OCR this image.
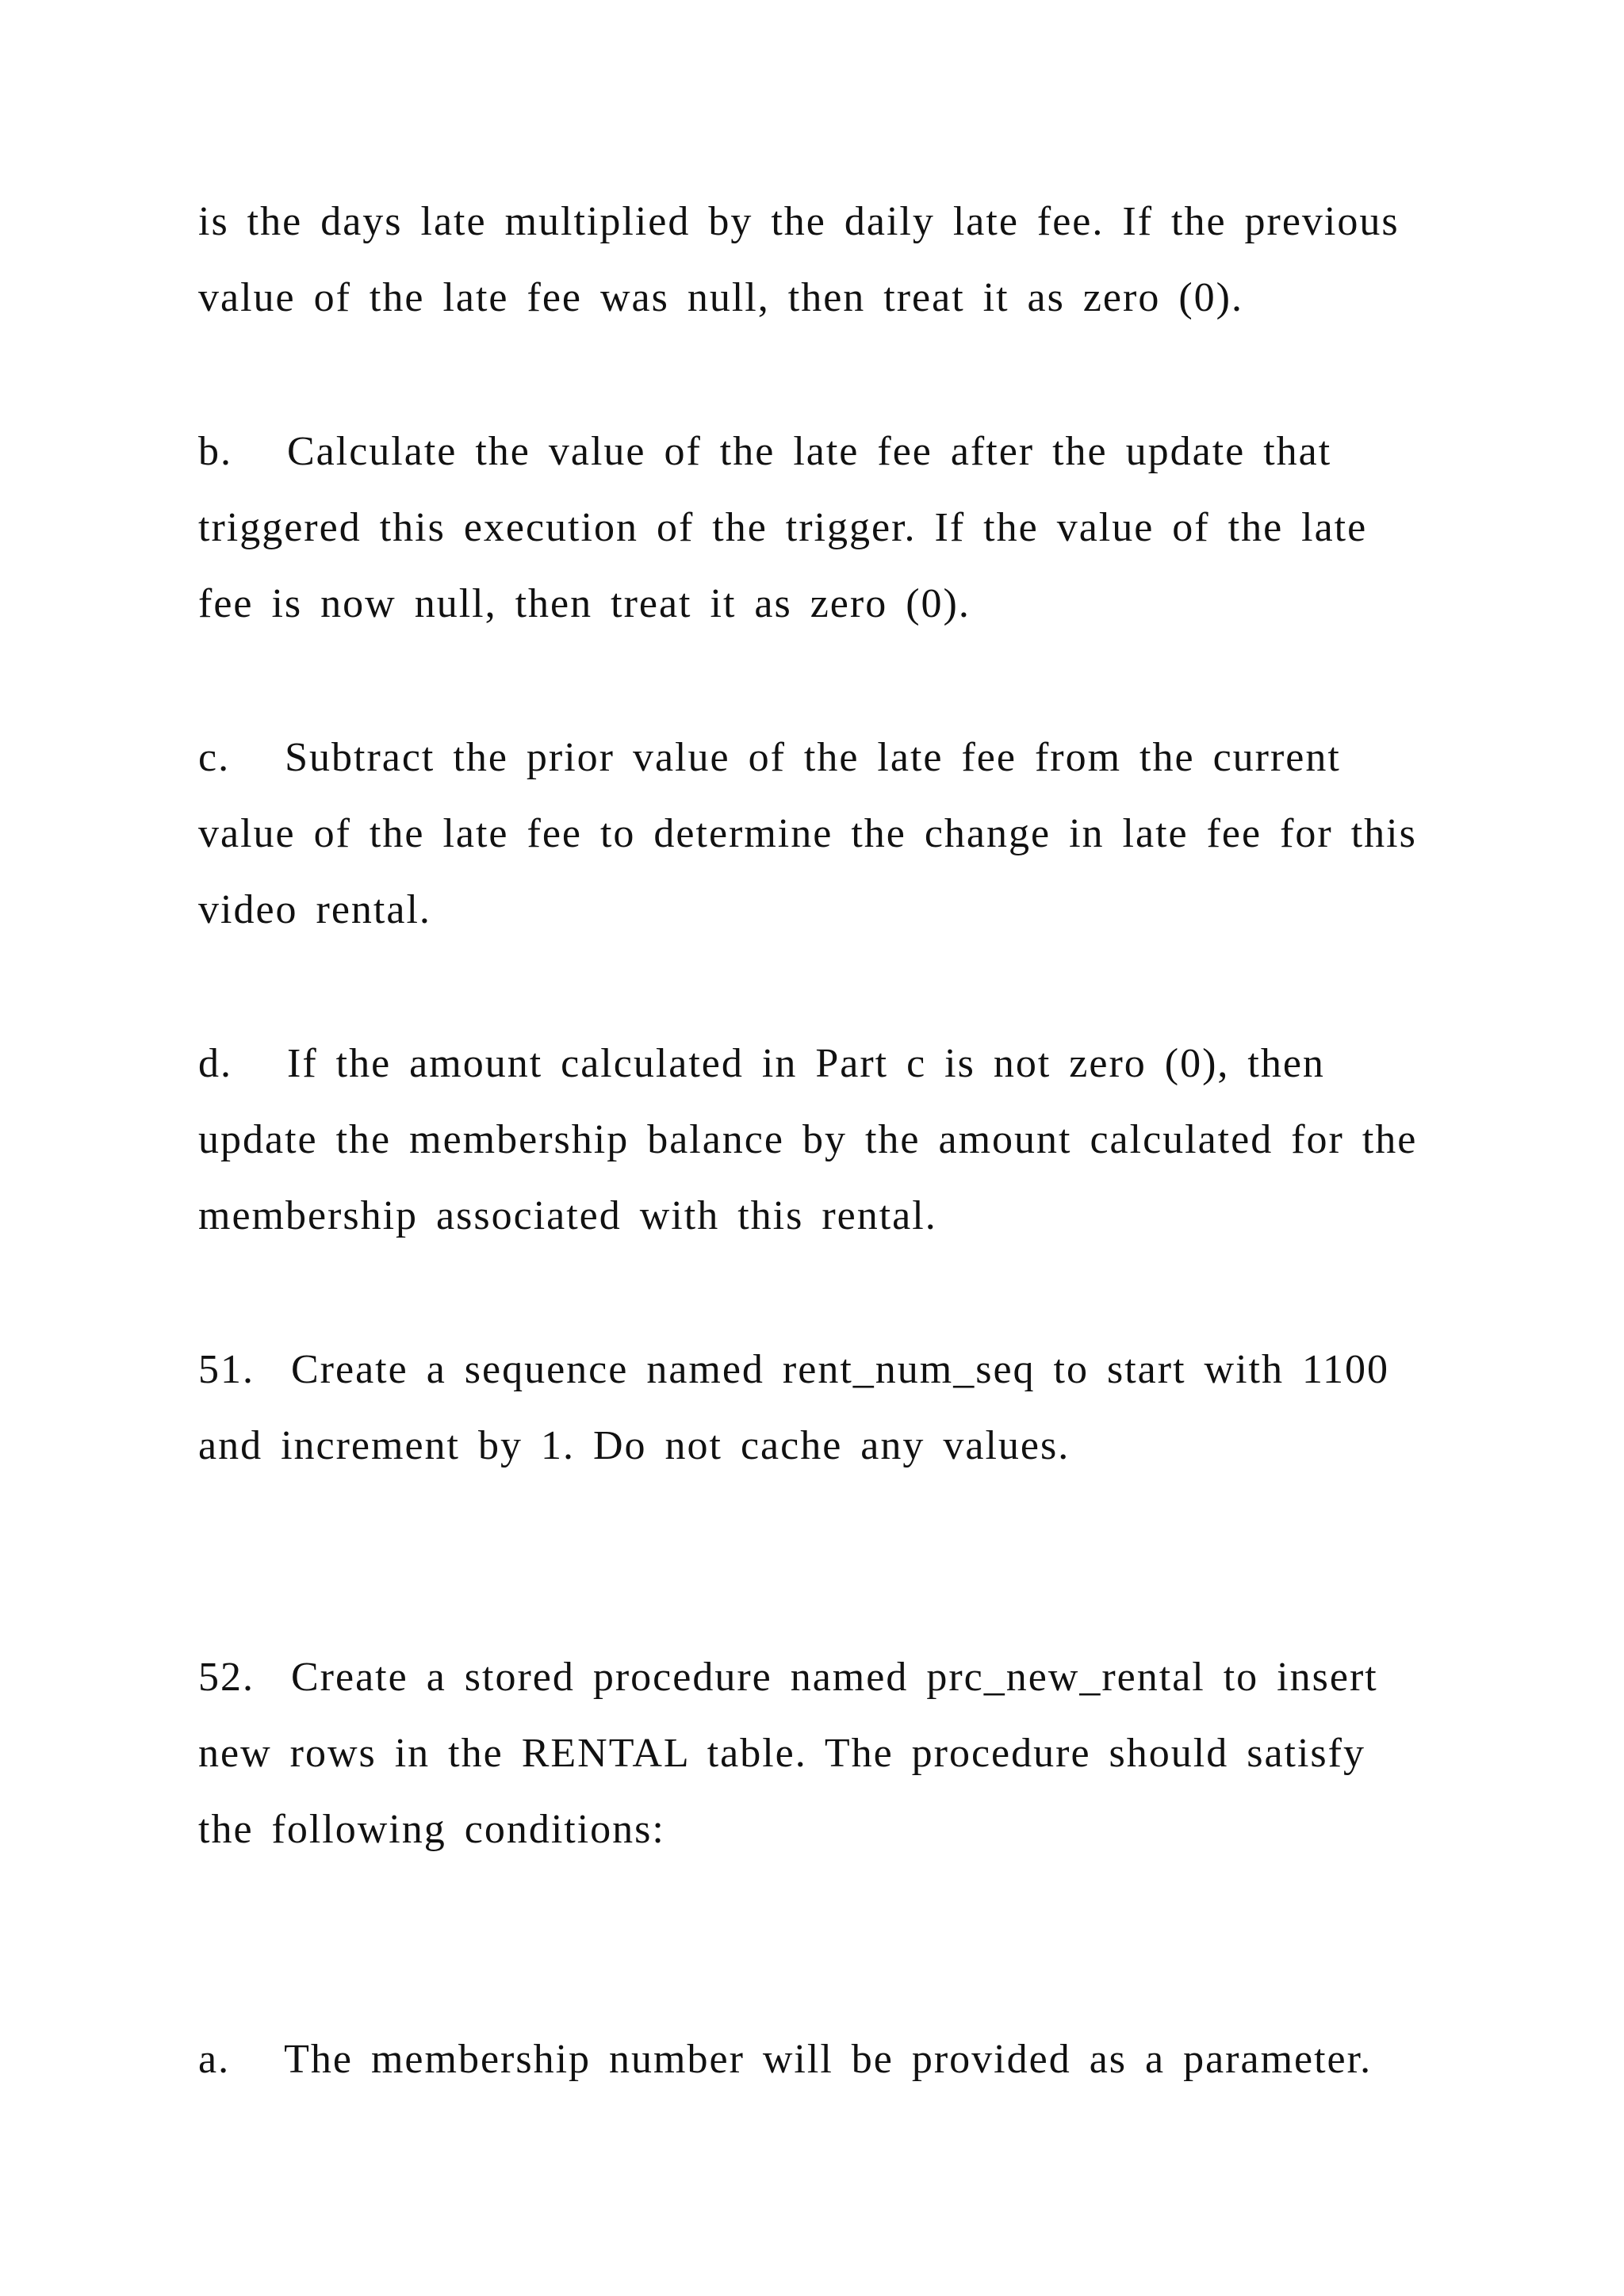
is the days late multiplied by the daily late fee. If the previous
value of the late fee was null, then treat it as zero (0).
b.   Calculate the value of the late fee after the update that
triggered this execution of the trigger. If the value of the late
fee is now null, then treat it as zero (0).
c.   Subtract the prior value of the late fee from the current
value of the late fee to determine the change in late fee for this
video rental.
d.   If the amount calculated in Part c is not zero (0), then
update the membership balance by the amount calculated for the
membership associated with this rental.
51.  Create a sequence named rent_num_seq to start with 1100
and increment by 1. Do not cache any values.
52.  Create a stored procedure named prc_new_rental to insert
new rows in the RENTAL table. The procedure should satisfy
the following conditions:
a.   The membership number will be provided as a parameter.
